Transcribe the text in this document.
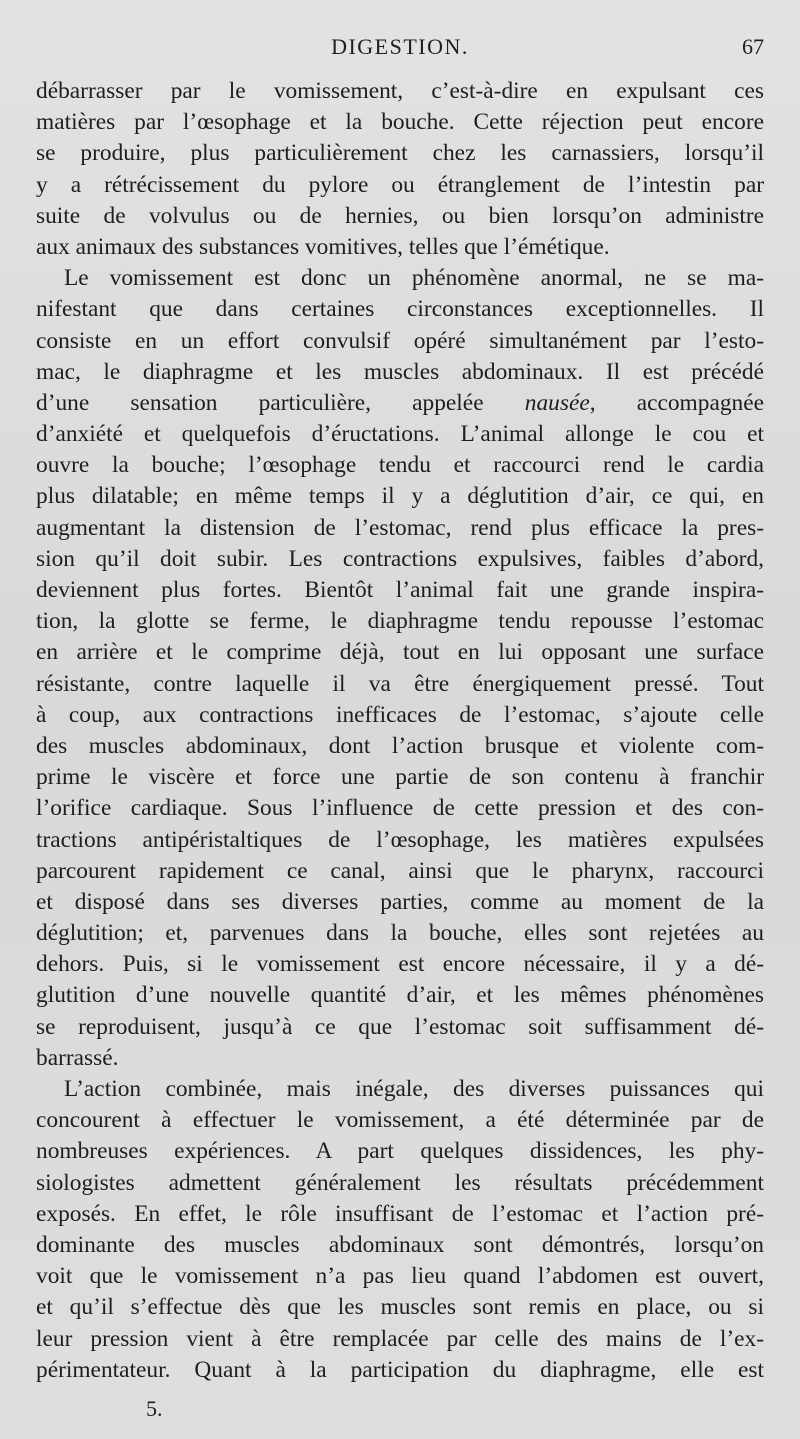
DIGESTION.	67
débarrasser par le vomissement, c’est-à-dire en expulsant ces
matières par l’œsophage et la bouche. Cette réjection peut encore
se produire, plus particulièrement chez les carnassiers, lorsqu’il
y a rétrécissement du pylore ou étranglement de l’intestin par
suite de volvulus ou de hernies, ou bien lorsqu’on administre
aux animaux des substances vomitives, telles que l’émétique.
Le vomissement est donc un phénomène anormal, ne se ma-
nifestant que dans certaines circonstances exceptionnelles. Il
consiste en un effort convulsif opéré simultanément par l’esto-
mac, le diaphragme et les muscles abdominaux. Il est précédé
d’une sensation particulière, appelée nausée, accompagnée
d’anxiété et quelquefois d’éructations. L’animal allonge le cou et
ouvre la bouche; l’œsophage tendu et raccourci rend le cardia
plus dilatable; en même temps il y a déglutition d’air, ce qui, en
augmentant la distension de l’estomac, rend plus efficace la pres-
sion qu’il doit subir. Les contractions expulsives, faibles d’abord,
deviennent plus fortes. Bientôt l’animal fait une grande inspira-
tion, la glotte se ferme, le diaphragme tendu repousse l’estomac
en arrière et le comprime déjà, tout en lui opposant une surface
résistante, contre laquelle il va être énergiquement pressé. Tout
à coup, aux contractions inefficaces de l’estomac, s’ajoute celle
des muscles abdominaux, dont l’action brusque et violente com-
prime le viscère et force une partie de son contenu à franchir
l’orifice cardiaque. Sous l’influence de cette pression et des con-
tractions antipéristaltiques de l’œsophage, les matières expulsées
parcourent rapidement ce canal, ainsi que le pharynx, raccourci
et disposé dans ses diverses parties, comme au moment de la
déglutition; et, parvenues dans la bouche, elles sont rejetées au
dehors. Puis, si le vomissement est encore nécessaire, il y a dé-
glutition d’une nouvelle quantité d’air, et les mêmes phénomènes
se reproduisent, jusqu’à ce que l’estomac soit suffisamment dé-
barrassé.
L’action combinée, mais inégale, des diverses puissances qui
concourent à effectuer le vomissement, a été déterminée par de
nombreuses expériences. A part quelques dissidences, les phy-
siologistes admettent généralement les résultats précédemment
exposés. En effet, le rôle insuffisant de l’estomac et l’action pré-
dominante des muscles abdominaux sont démontrés, lorsqu’on
voit que le vomissement n’a pas lieu quand l’abdomen est ouvert,
et qu’il s’effectue dès que les muscles sont remis en place, ou si
leur pression vient à être remplacée par celle des mains de l’ex-
périmentateur. Quant à la participation du diaphragme, elle est
5.
